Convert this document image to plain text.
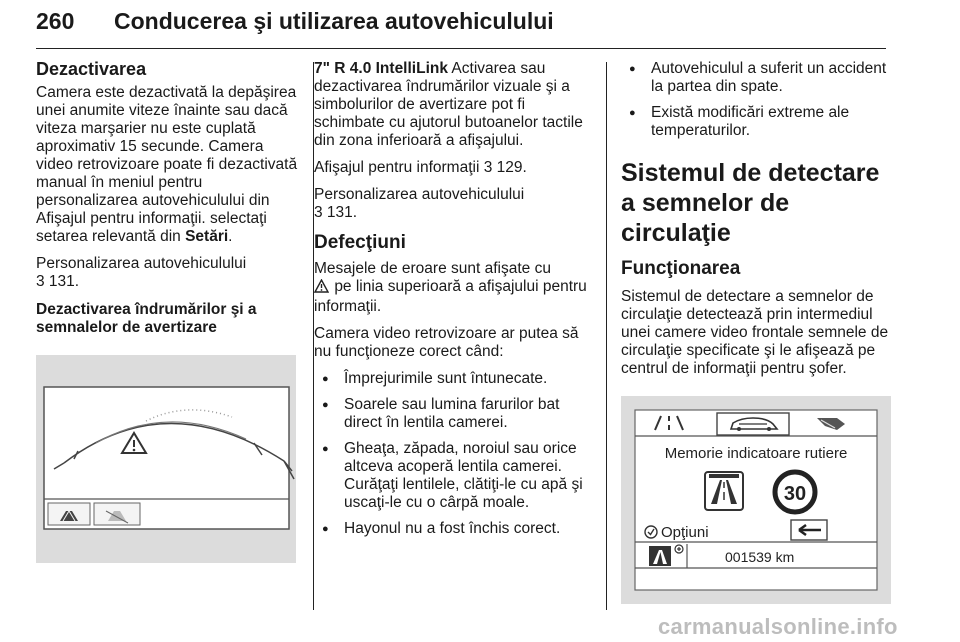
260 Conducerea şi utilizarea autovehiculului
Dezactivarea

Camera este dezactivată la depăşirea unei anumite viteze înainte sau dacă viteza marşarier nu este cuplată aproximativ 15 secunde. Camera video retrovizoare poate fi dezactivată manual în meniul pentru personalizarea autovehiculului din Afişajul pentru informaţii. selectaţi setarea relevantă din Setări.

Personalizarea autovehiculului
3 131.

Dezactivarea îndrumărilor şi a semnalelor de avertizare

7" R 4.0 IntelliLink Activarea sau dezactivarea îndrumărilor vizuale şi a simbolurilor de avertizare pot fi schimbate cu ajutorul butoanelor tactile din zona inferioară a afişajului.

Afişajul pentru informaţii 3 129.

Personalizarea autovehiculului
3 131.

Defecţiuni

Mesajele de eroare sunt afişate cu
pe linia superioară a afişajului pentru informaţii.

Camera video retrovizoare ar putea să nu funcţioneze corect când:

● Împrejurimile sunt întunecate.
● Soarele sau lumina farurilor bat direct în lentila camerei.
● Gheaţa, zăpada, noroiul sau orice altceva acoperă lentila camerei. Curăţaţi lentilele, clătiţi-le cu apă şi uscaţi-le cu o cârpă moale.
● Hayonul nu a fost închis corect.
● Autovehiculul a suferit un accident la partea din spate.
● Există modificări extreme ale temperaturilor.
Sistemul de detectare a semnelor de circulaţie
Funcţionarea

Sistemul de detectare a semnelor de circulaţie detectează prin intermediul unei camere video frontale semnele de circulaţie specificate şi le afişează pe centrul de informaţii pentru şofer.

Memorie indicatoare rutiere
30
Opţiuni
001539 km
carmanualsonline.info
